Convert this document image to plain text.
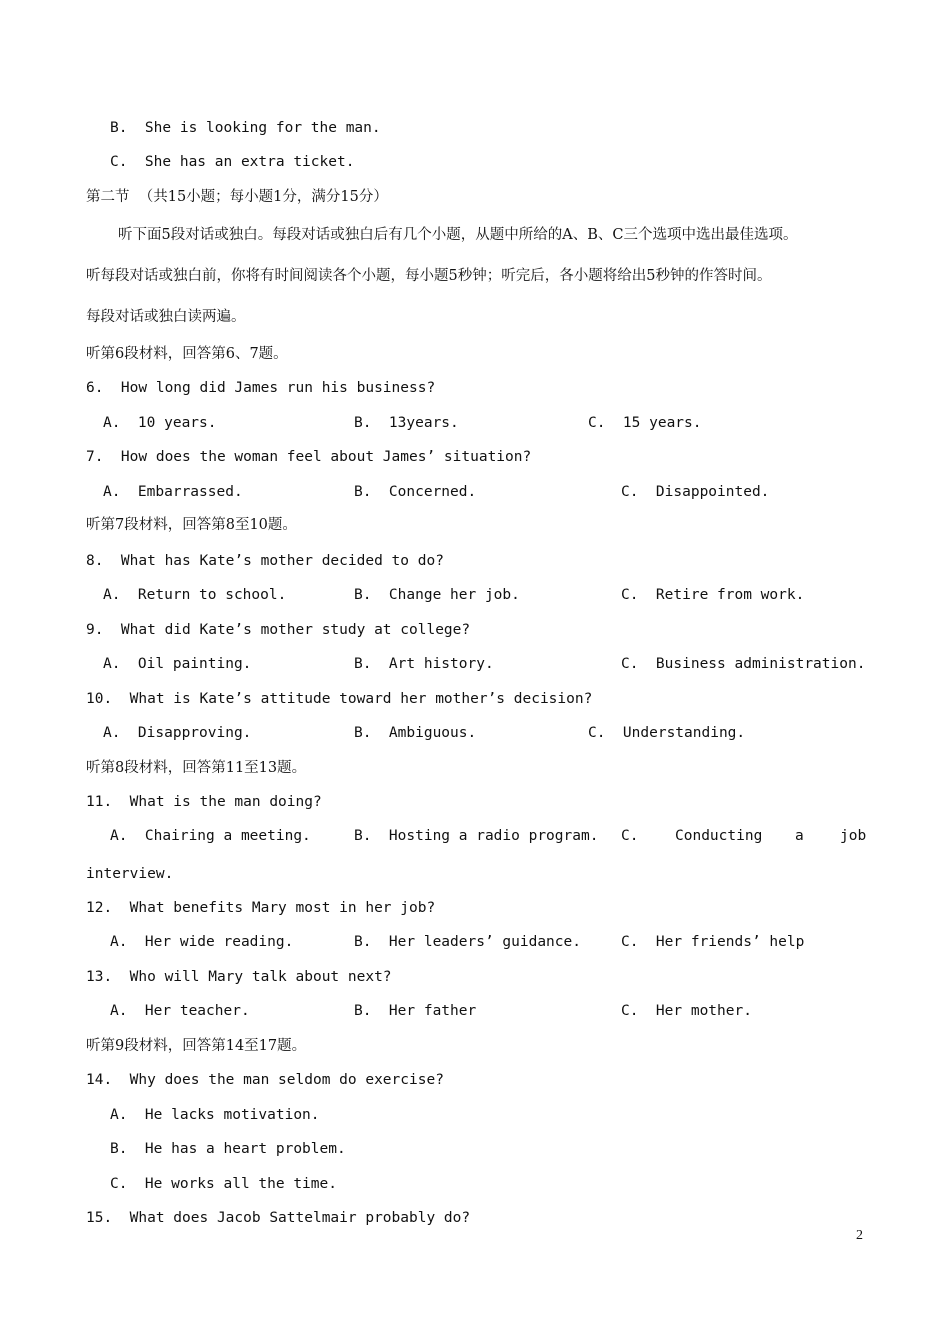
B.  She is looking for the man.
C.  She has an extra ticket.
第二节  （共15小题；每小题1分，满分15分）
听下面5段对话或独白。每段对话或独白后有几个小题，从题中所给的A、B、C三个选项中选出最佳选项。
听每段对话或独白前，你将有时间阅读各个小题，每小题5秒钟；听完后，各小题将给出5秒钟的作答时间。
每段对话或独白读两遍。
听第6段材料，回答第6、7题。
6.  How long did James run his business?
A.  10 years.	B.  13years.	C.  15 years.
7.  How does the woman feel about James’ situation?
A.  Embarrassed.	B.  Concerned.	C.  Disappointed.
听第7段材料，回答第8至10题。
8.  What has Kate’s mother decided to do?
A.  Return to school.	B.  Change her job.	C.  Retire from work.
9.  What did Kate’s mother study at college?
A.  Oil painting.	B.  Art history.	C.  Business administration.
10.  What is Kate’s attitude toward her mother’s decision?
A.  Disapproving.	B.  Ambiguous.	C.  Understanding.
听第8段材料，回答第11至13题。
11.  What is the man doing?
A.  Chairing a meeting.	B.  Hosting a radio program. C.	Conducting a	job
interview.
12.  What benefits Mary most in her job?
A.  Her wide reading.	B.  Her leaders’ guidance.	C.  Her friends’ help
13.  Who will Mary talk about next?
A.  Her teacher.	B.  Her father	C.  Her mother.
听第9段材料，回答第14至17题。
14.  Why does the man seldom do exercise?
A.  He lacks motivation.
B.  He has a heart problem.
C.  He works all the time.
15.  What does Jacob Sattelmair probably do?
2
